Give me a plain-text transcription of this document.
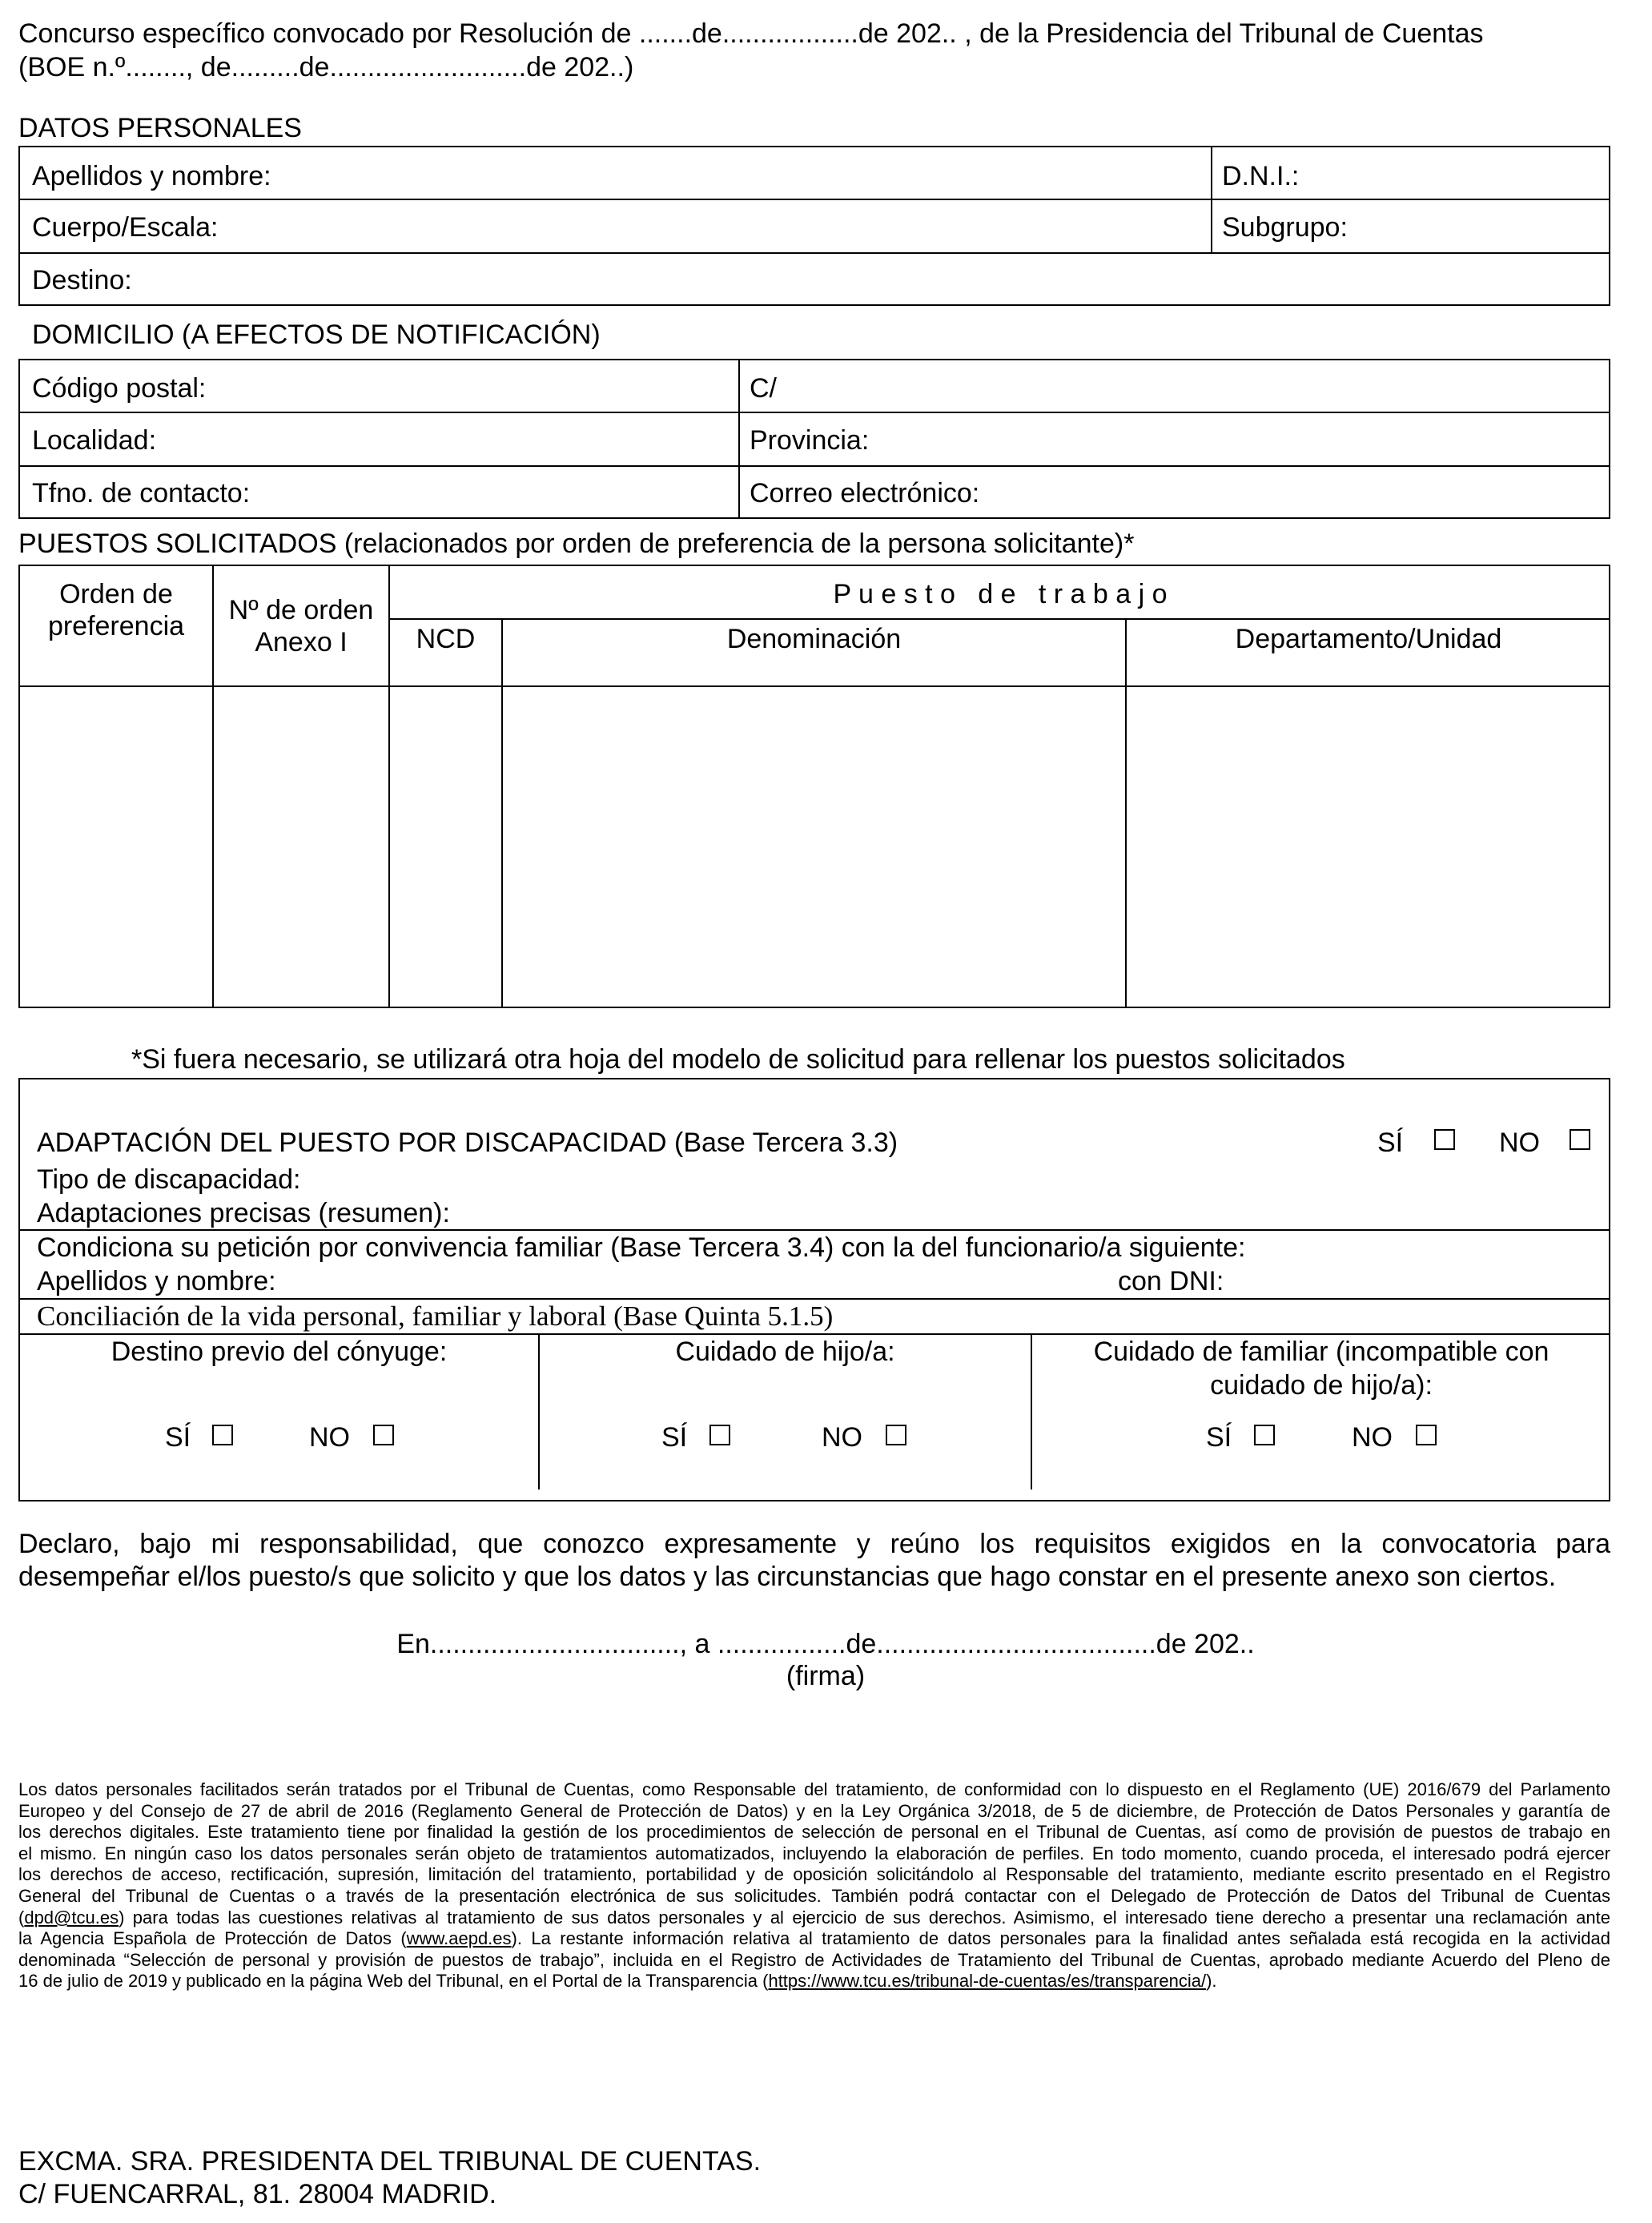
Concurso específico convocado por Resolución de .......de..................de 202.. , de la Presidencia del Tribunal de Cuentas
(BOE n.º........, de.........de..........................de 202..)
DATOS PERSONALES
Apellidos y nombre:	D.N.I.:
Cuerpo/Escala:	Subgrupo:
Destino:
DOMICILIO (A EFECTOS DE NOTIFICACIÓN)
Código postal:	C/
Localidad:	Provincia:
Tfno. de contacto:	Correo electrónico:
PUESTOS SOLICITADOS (relacionados por orden de preferencia de la persona solicitante)*
Orden de
preferencia
Nº de orden
Anexo I
P u e s t o   d e   t r a b a j o
NCD	Denominación	Departamento/Unidad
*Si fuera necesario, se utilizará otra hoja del modelo de solicitud para rellenar los puestos solicitados
ADAPTACIÓN DEL PUESTO POR DISCAPACIDAD (Base Tercera 3.3)	SÍ	NO
Tipo de discapacidad:
Adaptaciones precisas (resumen):
Condiciona su petición por convivencia familiar (Base Tercera 3.4) con la del funcionario/a siguiente:
Apellidos y nombre:	con DNI:
Conciliación de la vida personal, familiar y laboral (Base Quinta 5.1.5)
Destino previo del cónyuge:	Cuidado de hijo/a:	Cuidado de familiar (incompatible con
cuidado de hijo/a):
SÍ	NO	SÍ	NO	SÍ	NO
Declaro, bajo mi responsabilidad, que conozco expresamente y reúno los requisitos exigidos en la convocatoria para
desempeñar el/los puesto/s que solicito y que los datos y las circunstancias que hago constar en el presente anexo son ciertos.
En................................., a .................de.....................................de 202..
(firma)
Los datos personales facilitados serán tratados por el Tribunal de Cuentas, como Responsable del tratamiento, de conformidad con lo dispuesto en el Reglamento (UE) 2016/679 del Parlamento
Europeo y del Consejo de 27 de abril de 2016 (Reglamento General de Protección de Datos) y en la Ley Orgánica 3/2018, de 5 de diciembre, de Protección de Datos Personales y garantía de
los derechos digitales. Este tratamiento tiene por finalidad la gestión de los procedimientos de selección de personal en el Tribunal de Cuentas, así como de provisión de puestos de trabajo en
el mismo. En ningún caso los datos personales serán objeto de tratamientos automatizados, incluyendo la elaboración de perfiles. En todo momento, cuando proceda, el interesado podrá ejercer
los derechos de acceso, rectificación, supresión, limitación del tratamiento, portabilidad y de oposición solicitándolo al Responsable del tratamiento, mediante escrito presentado en el Registro
General del Tribunal de Cuentas o a través de la presentación electrónica de sus solicitudes. También podrá contactar con el Delegado de Protección de Datos del Tribunal de Cuentas
(dpd@tcu.es) para todas las cuestiones relativas al tratamiento de sus datos personales y al ejercicio de sus derechos. Asimismo, el interesado tiene derecho a presentar una reclamación ante
la Agencia Española de Protección de Datos (www.aepd.es). La restante información relativa al tratamiento de datos personales para la finalidad antes señalada está recogida en la actividad
denominada “Selección de personal y provisión de puestos de trabajo”, incluida en el Registro de Actividades de Tratamiento del Tribunal de Cuentas, aprobado mediante Acuerdo del Pleno de
16 de julio de 2019 y publicado en la página Web del Tribunal, en el Portal de la Transparencia (https://www.tcu.es/tribunal-de-cuentas/es/transparencia/).
EXCMA. SRA. PRESIDENTA DEL TRIBUNAL DE CUENTAS.
C/ FUENCARRAL, 81. 28004 MADRID.
